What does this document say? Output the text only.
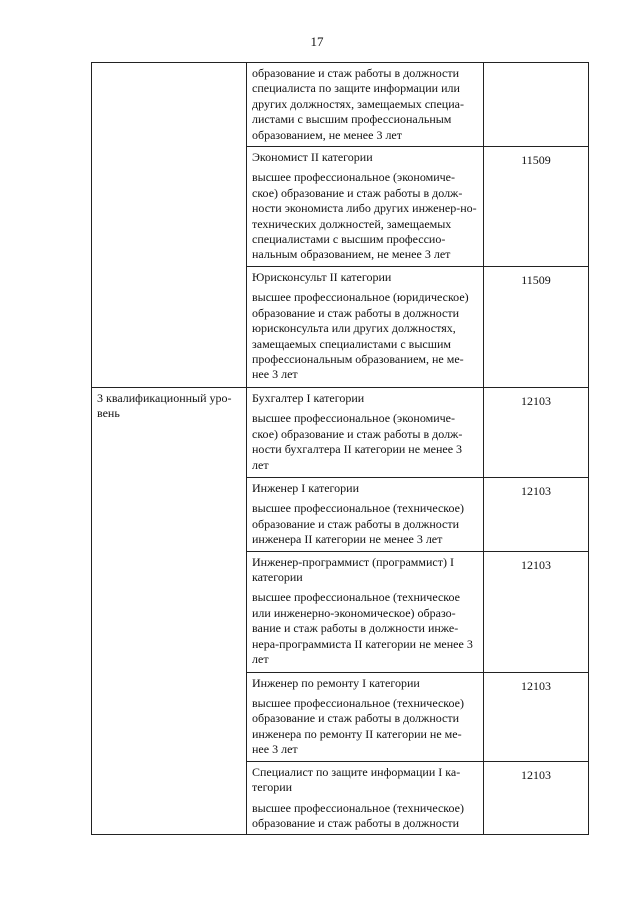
17

	образование и стаж работы в должности специалиста по защите информации или других должностях, замещаемых специа-листами с высшим профессиональным образованием, не менее 3 лет	

	Экономист II категории

высшее профессиональное (экономиче-ское) образование и стаж работы в долж-ности экономиста либо других инженер-но-технических должностей, замещаемых специалистами с высшим профессио-нальным образованием, не менее 3 лет	11509

	Юрисконсульт II категории

высшее профессиональное (юридическое) образование и стаж работы в должности юрисконсульта или других должностях, замещаемых специалистами с высшим профессиональным образованием, не ме-нее 3 лет	11509

3 квалификационный уро-вень	Бухгалтер I категории

высшее профессиональное (экономиче-ское) образование и стаж работы в долж-ности бухгалтера II категории не менее 3 лет	12103

	Инженер I категории

высшее профессиональное (техническое) образование и стаж работы в должности инженера II категории не менее 3 лет	12103

	Инженер-программист (программист) I категории

высшее профессиональное (техническое или инженерно-экономическое) образо-вание и стаж работы в должности инже-нера-программиста II категории не менее 3 лет	12103

	Инженер по ремонту I категории

высшее профессиональное (техническое) образование и стаж работы в должности инженера по ремонту II категории не ме-нее 3 лет	12103

	Специалист по защите информации I ка-тегории

высшее профессиональное (техническое) образование и стаж работы в должности	12103
